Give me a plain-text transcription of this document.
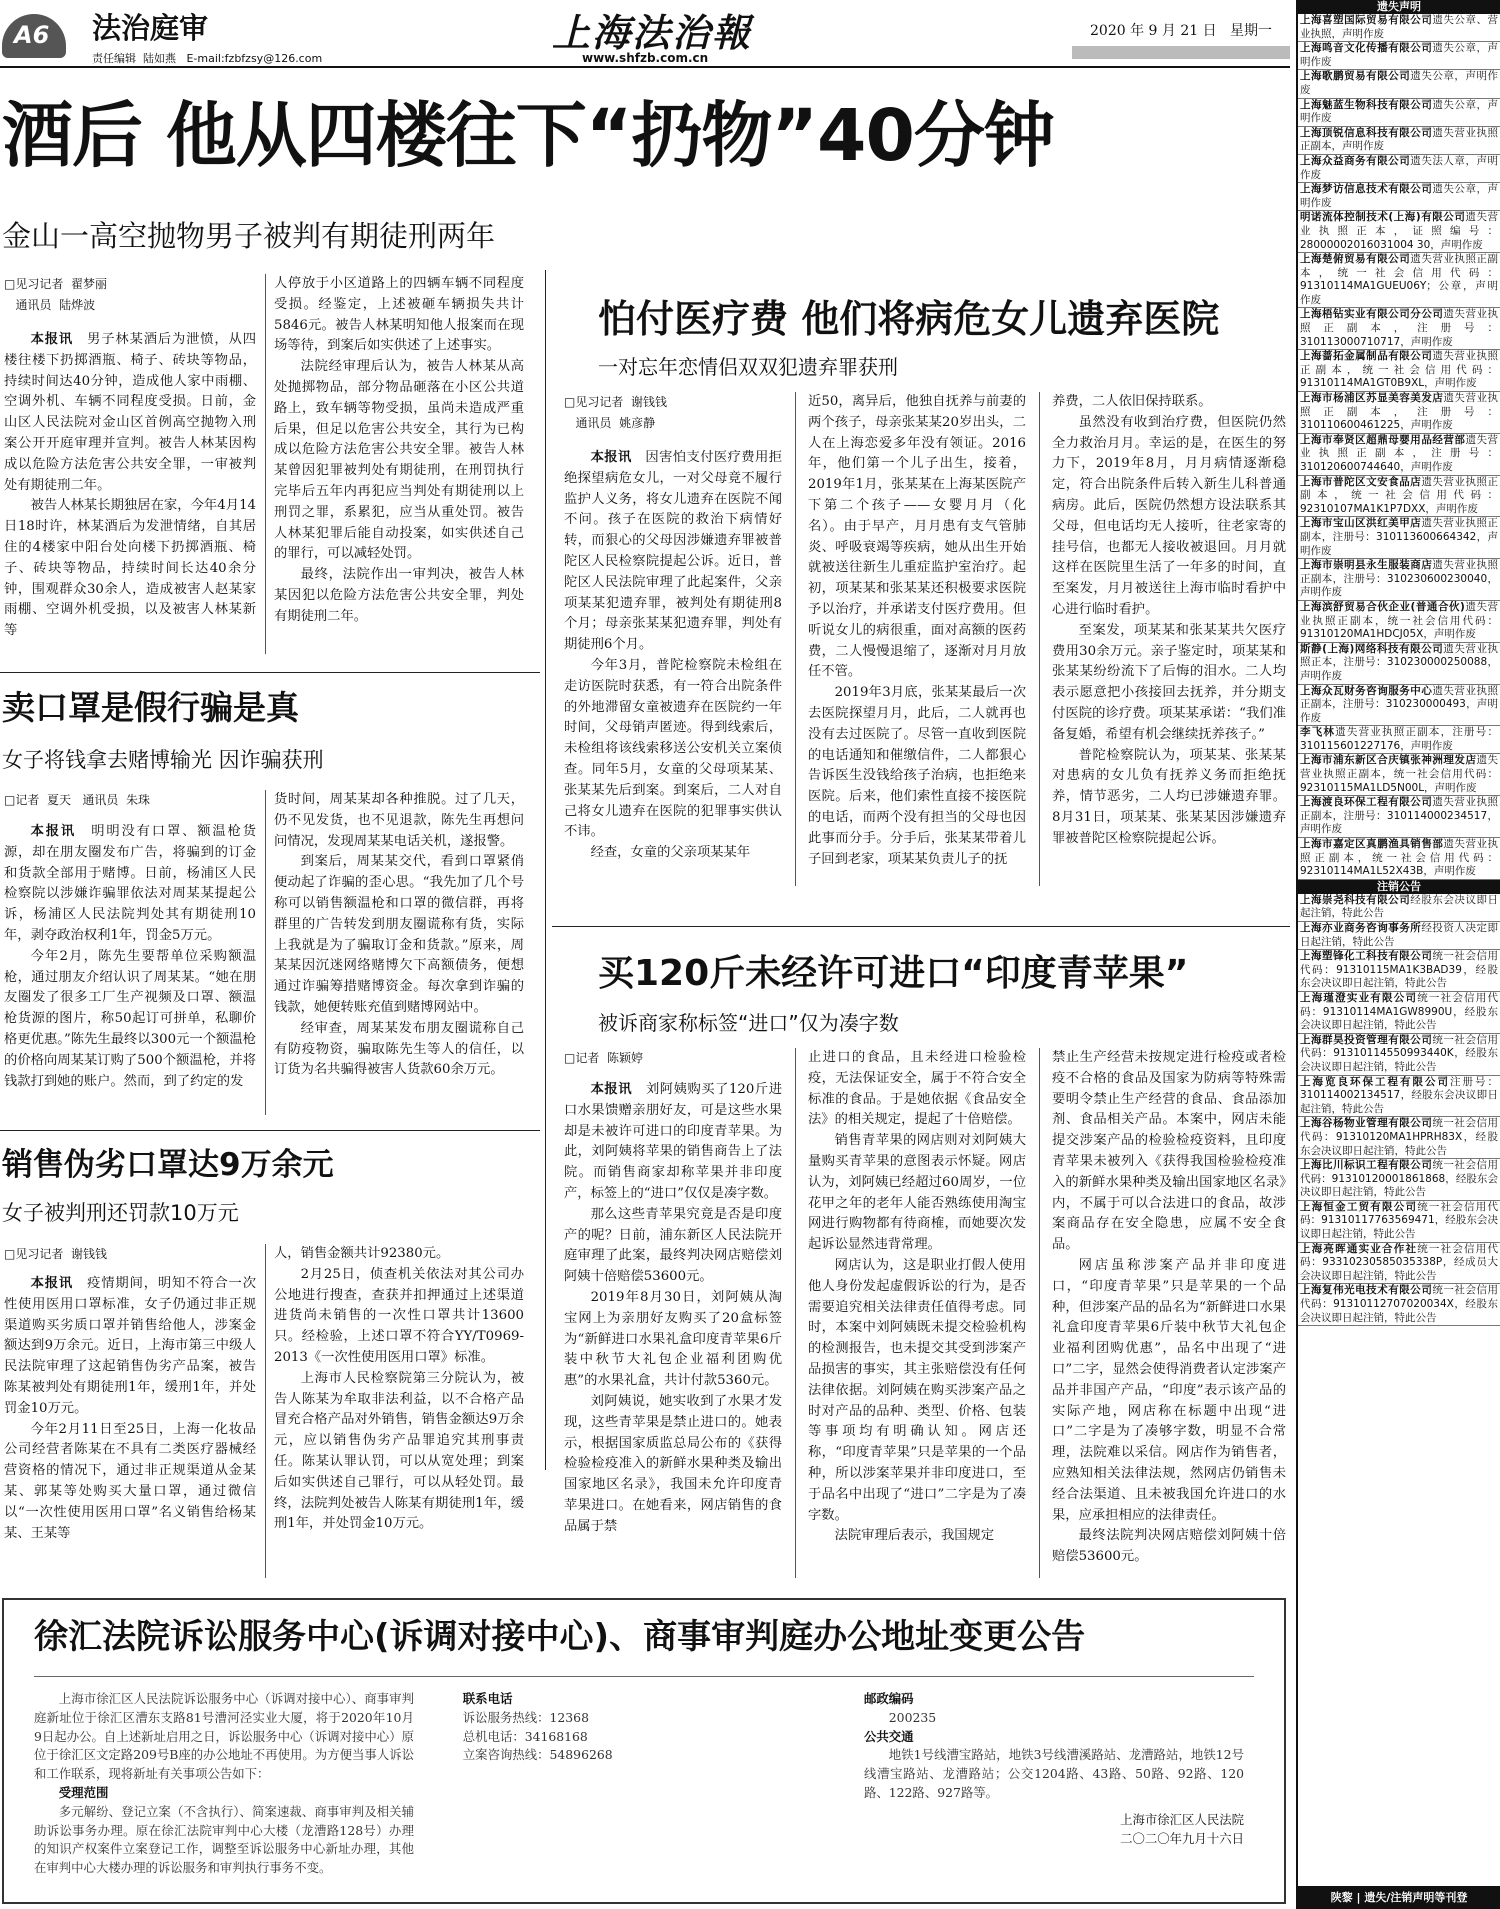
A6 法治庭审
责任编辑  陆如燕   E-mail:fzbfzsy@126.com
上海法治報
www.shfzb.com.cn
2020 年 9 月 21 日   星期一
酒后 他从四楼往下“扔物”40分钟
金山一高空抛物男子被判有期徒刑两年
□见习记者  翟梦丽
通讯员  陆烨波

本报讯　 男子林某酒后为泄愤，从四楼往楼下扔掷酒瓶、椅子、砖块等物品，持续时间达40分钟，造成他人家中雨棚、空调外机、车辆不同程度受损。日前，金山区人民法院对金山区首例高空抛物入刑案公开开庭审理并宣判。被告人林某因构成以危险方法危害公共安全罪，一审被判处有期徒刑二年。

被告人林某长期独居在家，今年4月14日18时许，林某酒后为发泄情绪，自其居住的4楼家中阳台处向楼下扔掷酒瓶、椅子、砖块等物品，持续时间长达40余分钟，围观群众30余人，造成被害人赵某家雨棚、空调外机受损，以及被害人林某新等

人停放于小区道路上的四辆车辆不同程度受损。经鉴定，上述被砸车辆损失共计5846元。被告人林某明知他人报案而在现场等待，到案后如实供述了上述事实。

法院经审理后认为，被告人林某从高处抛掷物品，部分物品砸落在小区公共道路上，致车辆等物受损，虽尚未造成严重后果，但足以危害公共安全，其行为已构成以危险方法危害公共安全罪。被告人林某曾因犯罪被判处有期徒刑，在刑罚执行完毕后五年内再犯应当判处有期徒刑以上刑罚之罪，系累犯，应当从重处罚。被告人林某犯罪后能自动投案，如实供述自己的罪行，可以减轻处罚。

最终，法院作出一审判决，被告人林某因犯以危险方法危害公共安全罪，判处有期徒刑二年。

卖口罩是假行骗是真
女子将钱拿去赌博输光 因诈骗获刑
□记者  夏天   通讯员  朱珠

本报讯　 明明没有口罩、额温枪货源，却在朋友圈发布广告，将骗到的订金和货款全部用于赌博。日前，杨浦区人民检察院以涉嫌诈骗罪依法对周某某提起公诉，杨浦区人民法院判处其有期徒刑10年，剥夺政治权利1年，罚金5万元。

今年2月，陈先生要帮单位采购额温枪，通过朋友介绍认识了周某某。“她在朋友圈发了很多工厂生产视频及口罩、额温枪货源的图片，称50起订可拼单，私聊价格更优惠。”陈先生最终以300元一个额温枪的价格向周某某订购了500个额温枪，并将钱款打到她的账户。然而，到了约定的发

货时间，周某某却各种推脱。过了几天，仍不见发货，也不见退款，陈先生再想问问情况，发现周某某电话关机，遂报警。

到案后，周某某交代，看到口罩紧俏便动起了诈骗的歪心思。“我先加了几个号称可以销售额温枪和口罩的微信群，再将群里的广告转发到朋友圈谎称有货，实际上我就是为了骗取订金和货款。”原来，周某某因沉迷网络赌博欠下高额债务，便想通过诈骗筹措赌博资金。每次拿到诈骗的钱款，她便转账充值到赌博网站中。

经审查，周某某发布朋友圈谎称自己有防疫物资，骗取陈先生等人的信任，以订货为名共骗得被害人货款60余万元。

销售伪劣口罩达9万余元
女子被判刑还罚款10万元
□见习记者  谢钱钱

本报讯　 疫情期间，明知不符合一次性使用医用口罩标准，女子仍通过非正规渠道购买劣质口罩并销售给他人，涉案金额达到9万余元。近日，上海市第三中级人民法院审理了这起销售伪劣产品案，被告陈某被判处有期徒刑1年，缓刑1年，并处罚金10万元。

今年2月11日至25日，上海一化妆品公司经营者陈某在不具有二类医疗器械经营资格的情况下，通过非正规渠道从金某某、郭某等处购买大量口罩，通过微信以“一次性使用医用口罩”名义销售给杨某某、王某等

人，销售金额共计92380元。

2月25日，侦查机关依法对其公司办公地进行搜查，查获并扣押通过上述渠道进货尚未销售的一次性口罩共计13600只。经检验，上述口罩不符合YY/T0969-2013《一次性使用医用口罩》标准。

上海市人民检察院第三分院认为，被告人陈某为牟取非法利益，以不合格产品冒充合格产品对外销售，销售金额达9万余元，应以销售伪劣产品罪追究其刑事责任。陈某认罪认罚，可以从宽处理；到案后如实供述自己罪行，可以从轻处罚。最终，法院判处被告人陈某有期徒刑1年，缓刑1年，并处罚金10万元。

怕付医疗费 他们将病危女儿遗弃医院
一对忘年恋情侣双双犯遗弃罪获刑
□见习记者  谢钱钱
通讯员  姚彦静

本报讯　 因害怕支付医疗费用拒绝探望病危女儿，一对父母竟不履行监护人义务，将女儿遗弃在医院不闻不问。孩子在医院的救治下病情好转，而狠心的父母因涉嫌遗弃罪被普陀区人民检察院提起公诉。近日，普陀区人民法院审理了此起案件，父亲项某某犯遗弃罪，被判处有期徒刑8个月；母亲张某某犯遗弃罪，判处有期徒刑6个月。

今年3月，普陀检察院未检组在走访医院时获悉，有一符合出院条件的外地滞留女童被遗弃在医院约一年时间，父母销声匿迹。得到线索后，未检组将该线索移送公安机关立案侦查。同年5月，女童的父母项某某、张某某先后到案。到案后，二人对自己将女儿遗弃在医院的犯罪事实供认不讳。

经查，女童的父亲项某某年

近50，离异后，他独自抚养与前妻的两个孩子，母亲张某某20岁出头，二人在上海恋爱多年没有领证。2016年，他们第一个儿子出生，接着，2019年1月，张某某在上海某医院产下第二个孩子——女婴月月（化名）。由于早产，月月患有支气管肺炎、呼吸衰竭等疾病，她从出生开始就被送往新生儿重症监护室治疗。起初，项某某和张某某还积极要求医院予以治疗，并承诺支付医疗费用。但听说女儿的病很重，面对高额的医药费，二人慢慢退缩了，逐渐对月月放任不管。

2019年3月底，张某某最后一次去医院探望月月，此后，二人就再也没有去过医院了。尽管一直收到医院的电话通知和催缴信件，二人都狠心告诉医生没钱给孩子治病，也拒绝来医院。后来，他们索性直接不接医院的电话，而两个没有担当的父母也因此事而分手。分手后，张某某带着儿子回到老家，项某某负责儿子的抚

养费，二人依旧保持联系。

虽然没有收到治疗费，但医院仍然全力救治月月。幸运的是，在医生的努力下，2019年8月，月月病情逐渐稳定，符合出院条件后转入新生儿科普通病房。此后，医院仍然想方设法联系其父母，但电话均无人接听，往老家寄的挂号信，也都无人接收被退回。月月就这样在医院里生活了一年多的时间，直至案发，月月被送往上海市临时看护中心进行临时看护。

至案发，项某某和张某某共欠医疗费用30余万元。亲子鉴定时，项某某和张某某纷纷流下了后悔的泪水。二人均表示愿意把小孩接回去抚养，并分期支付医院的诊疗费。项某某承诺：“我们准备复婚，希望有机会继续抚养孩子。”

普陀检察院认为，项某某、张某某对患病的女儿负有抚养义务而拒绝抚养，情节恶劣，二人均已涉嫌遗弃罪。8月31日，项某某、张某某因涉嫌遗弃罪被普陀区检察院提起公诉。

买120斤未经许可进口“印度青苹果”
被诉商家称标签“进口”仅为凑字数
□记者  陈颖婷

本报讯　 刘阿姨购买了120斤进口水果馈赠亲朋好友，可是这些水果却是未被许可进口的印度青苹果。为此，刘阿姨将苹果的销售商告上了法院。而销售商家却称苹果并非印度产，标签上的“进口”仅仅是凑字数。

那么这些青苹果究竟是否是印度产的呢？日前，浦东新区人民法院开庭审理了此案，最终判决网店赔偿刘阿姨十倍赔偿53600元。

2019年8月30日，刘阿姨从淘宝网上为亲朋好友购买了20盒标签为“新鲜进口水果礼盒印度青苹果6斤装中秋节大礼包企业福利团购优惠”的水果礼盒，共计付款5360元。

刘阿姨说，她实收到了水果才发现，这些青苹果是禁止进口的。她表示，根据国家质监总局公布的《获得检验检疫准入的新鲜水果种类及输出国家地区名录》，我国未允许印度青苹果进口。在她看来，网店销售的食品属于禁

止进口的食品，且未经进口检验检疫，无法保证安全，属于不符合安全标准的食品。于是她依据《食品安全法》的相关规定，提起了十倍赔偿。

销售青苹果的网店则对刘阿姨大量购买青苹果的意图表示怀疑。网店认为，刘阿姨已经超过60周岁，一位花甲之年的老年人能否熟练使用淘宝网进行购物都有待商榷，而她要次发起诉讼显然违背常理。

网店认为，这是职业打假人使用他人身份发起虚假诉讼的行为，是否需要追究相关法律责任值得考虑。同时，本案中刘阿姨既未提交检验机构的检测报告，也未提交其受到涉案产品损害的事实，其主张赔偿没有任何法律依据。刘阿姨在购买涉案产品之时对产品的品种、类型、价格、包装等事项均有明确认知。网店还称，“印度青苹果”只是苹果的一个品种，所以涉案苹果并非印度进口，至于品名中出现了“进口”二字是为了凑字数。

法院审理后表示，我国规定

禁止生产经营未按规定进行检疫或者检疫不合格的食品及国家为防病等特殊需要明令禁止生产经营的食品、食品添加剂、食品相关产品。本案中，网店未能提交涉案产品的检验检疫资料，且印度青苹果未被列入《获得我国检验检疫准入的新鲜水果种类及输出国家地区名录》内，不属于可以合法进口的食品，故涉案商品存在安全隐患，应属不安全食品。

网店虽称涉案产品并非印度进口，“印度青苹果”只是苹果的一个品种，但涉案产品的品名为“新鲜进口水果礼盒印度青苹果6斤装中秋节大礼包企业福利团购优惠”，品名中出现了“进口”二字，显然会使得消费者认定涉案产品并非国产产品，“印度”表示该产品的实际产地，网店称在标题中出现“进口”二字是为了凑够字数，明显不合常理，法院难以采信。网店作为销售者，应熟知相关法律法规，然网店仍销售未经合法渠道、且未被我国允许进口的水果，应承担相应的法律责任。

最终法院判决网店赔偿刘阿姨十倍赔偿53600元。

徐汇法院诉讼服务中心(诉调对接中心)、商事审判庭办公地址变更公告

上海市徐汇区人民法院诉讼服务中心（诉调对接中心）、商事审判庭新址位于徐汇区漕东支路81号漕河泾实业大厦，将于2020年10月9日起办公。自上述新址启用之日，诉讼服务中心（诉调对接中心）原位于徐汇区文定路209号B座的办公地址不再使用。为方便当事人诉讼和工作联系，现将新址有关事项公告如下：

受理范围

多元解纷、登记立案（不含执行）、简案速裁、商事审判及相关辅助诉讼事务办理。原在徐汇法院审判中心大楼（龙漕路128号）办理的知识产权案件立案登记工作，调整至诉讼服务中心新址办理，其他在审判中心大楼办理的诉讼服务和审判执行事务不变。

联系电话

诉讼服务热线：12368

总机电话：34168168

立案咨询热线：54896268

邮政编码

200235

公共交通

地铁1号线漕宝路站，地铁3号线漕溪路站、龙漕路站，地铁12号线漕宝路站、龙漕路站；公交1204路、43路、50路、92路、120路、122路、927路等。

上海市徐汇区人民法院

二〇二〇年九月十六日

遗失声明
上海喜塑国际贸易有限公司遗失公章、营业执照，声明作废
上海鸣音文化传播有限公司遗失公章，声明作废
上海歌鹏贸易有限公司遗失公章，声明作废
上海魅蓝生物科技有限公司遗失公章，声明作废
上海顶锐信息科技有限公司遗失营业执照正副本，声明作废
上海众益商务有限公司遗失法人章，声明作废
上海梦访信息技术有限公司遗失公章，声明作废
明诺流体控制技术(上海)有限公司遗失营业执照正本，证照编号：28000002016031004 30，声明作废
上海楚俯贸易有限公司遗失营业执照正副本，统一社会信用代码：91310114MA1GUEU06Y；公章，声明作废
上海梧钻实业有限公司分公司遗失营业执照正副本，注册号：310113000710717，声明作废
上海蔷拓金属制品有限公司遗失营业执照正副本，统一社会信用代码：91310114MA1GT0B9XL，声明作废
上海市杨浦区苏显美容美发店遗失营业执照正副本，注册号：310110600461225，声明作废
上海市奉贤区超鼎母婴用品经营部遗失营业执照正副本，注册号：310120600744640，声明作废
上海市普陀区文安食品店遗失营业执照正副本，统一社会信用代码：92310107MA1K1P7DXX，声明作废
上海市宝山区洪红美甲店遗失营业执照正副本，注册号：310113600664342，声明作废
上海市崇明县永生服装商店遗失营业执照正副本，注册号：310230600230040，声明作废
上海滨舒贸易合伙企业(普通合伙)遗失营业执照正副本，统一社会信用代码：91310120MA1HDCJ05X，声明作废
斯静(上海)网络科技有限公司遗失营业执照正本，注册号：310230000250088，声明作废
上海众瓦财务咨询服务中心遗失营业执照正副本，注册号：310230000493，声明作废
李飞林遗失营业执照正副本，注册号：310115601227176，声明作废
上海市浦东新区合庆镇张神洲理发店遗失营业执照正副本，统一社会信用代码：92310115MA1LD5N00L，声明作废
上海渡良环保工程有限公司遗失营业执照正副本，注册号：310114000234517，声明作废
上海市嘉定区真鹏渔具销售部遗失营业执照正副本，统一社会信用代码：92310114MA1L52X43B，声明作废
注销公告
上海崇尧科技有限公司经股东会决议即日起注销，特此公告
上海亦业商务咨询事务所经投资人决定即日起注销，特此公告
上海塑锋化工科技有限公司统一社会信用代码：91310115MA1K3BAD39，经股东会决议即日起注销，特此公告
上海瑾澄实业有限公司统一社会信用代码：91310114MA1GW8990U，经股东会决议即日起注销，特此公告
上海群昊投资管理有限公司统一社会信用代码：91310114550993440K，经股东会决议即日起注销，特此公告
上海览良环保工程有限公司注册号：310114002134517，经股东会决议即日起注销，特此公告
上海谷杨物业管理有限公司统一社会信用代码：91310120MA1HPRH83X，经股东会决议即日起注销，特此公告
上海比川标识工程有限公司统一社会信用代码：91310120001861868，经股东会决议即日起注销，特此公告
上海恒金工贸有限公司统一社会信用代码：91310117763569471，经股东会决议即日起注销，特此公告
上海亮晖通实业合作社统一社会信用代码：93310230585035338P，经成员大会决议即日起注销，特此公告
上海复伟光电技术有限公司统一社会信用代码：91310112707020034X，经股东会决议即日起注销，特此公告
陕黎 | 遗失/注销声明等刊登
